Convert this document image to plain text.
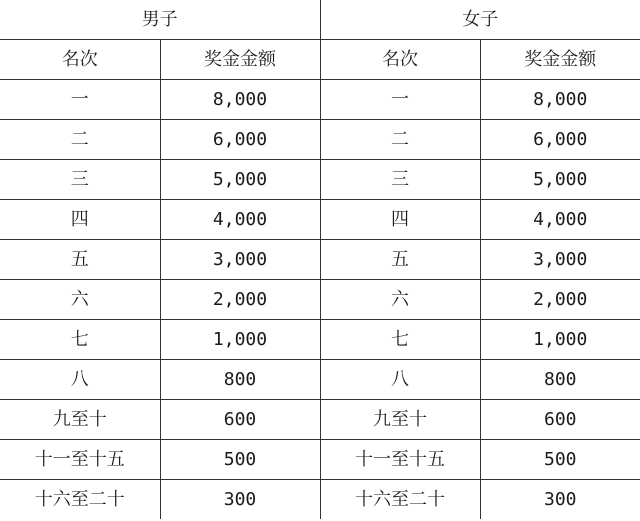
男子		女子	
名次	奖金金额	名次	奖金金额
一	8,000	一	8,000
二	6,000	二	6,000
三	5,000	三	5,000
四	4,000	四	4,000
五	3,000	五	3,000
六	2,000	六	2,000
七	1,000	七	1,000
八	800	八	800
九至十	600	九至十	600
十一至十五	500	十一至十五	500
十六至二十	300	十六至二十	300
